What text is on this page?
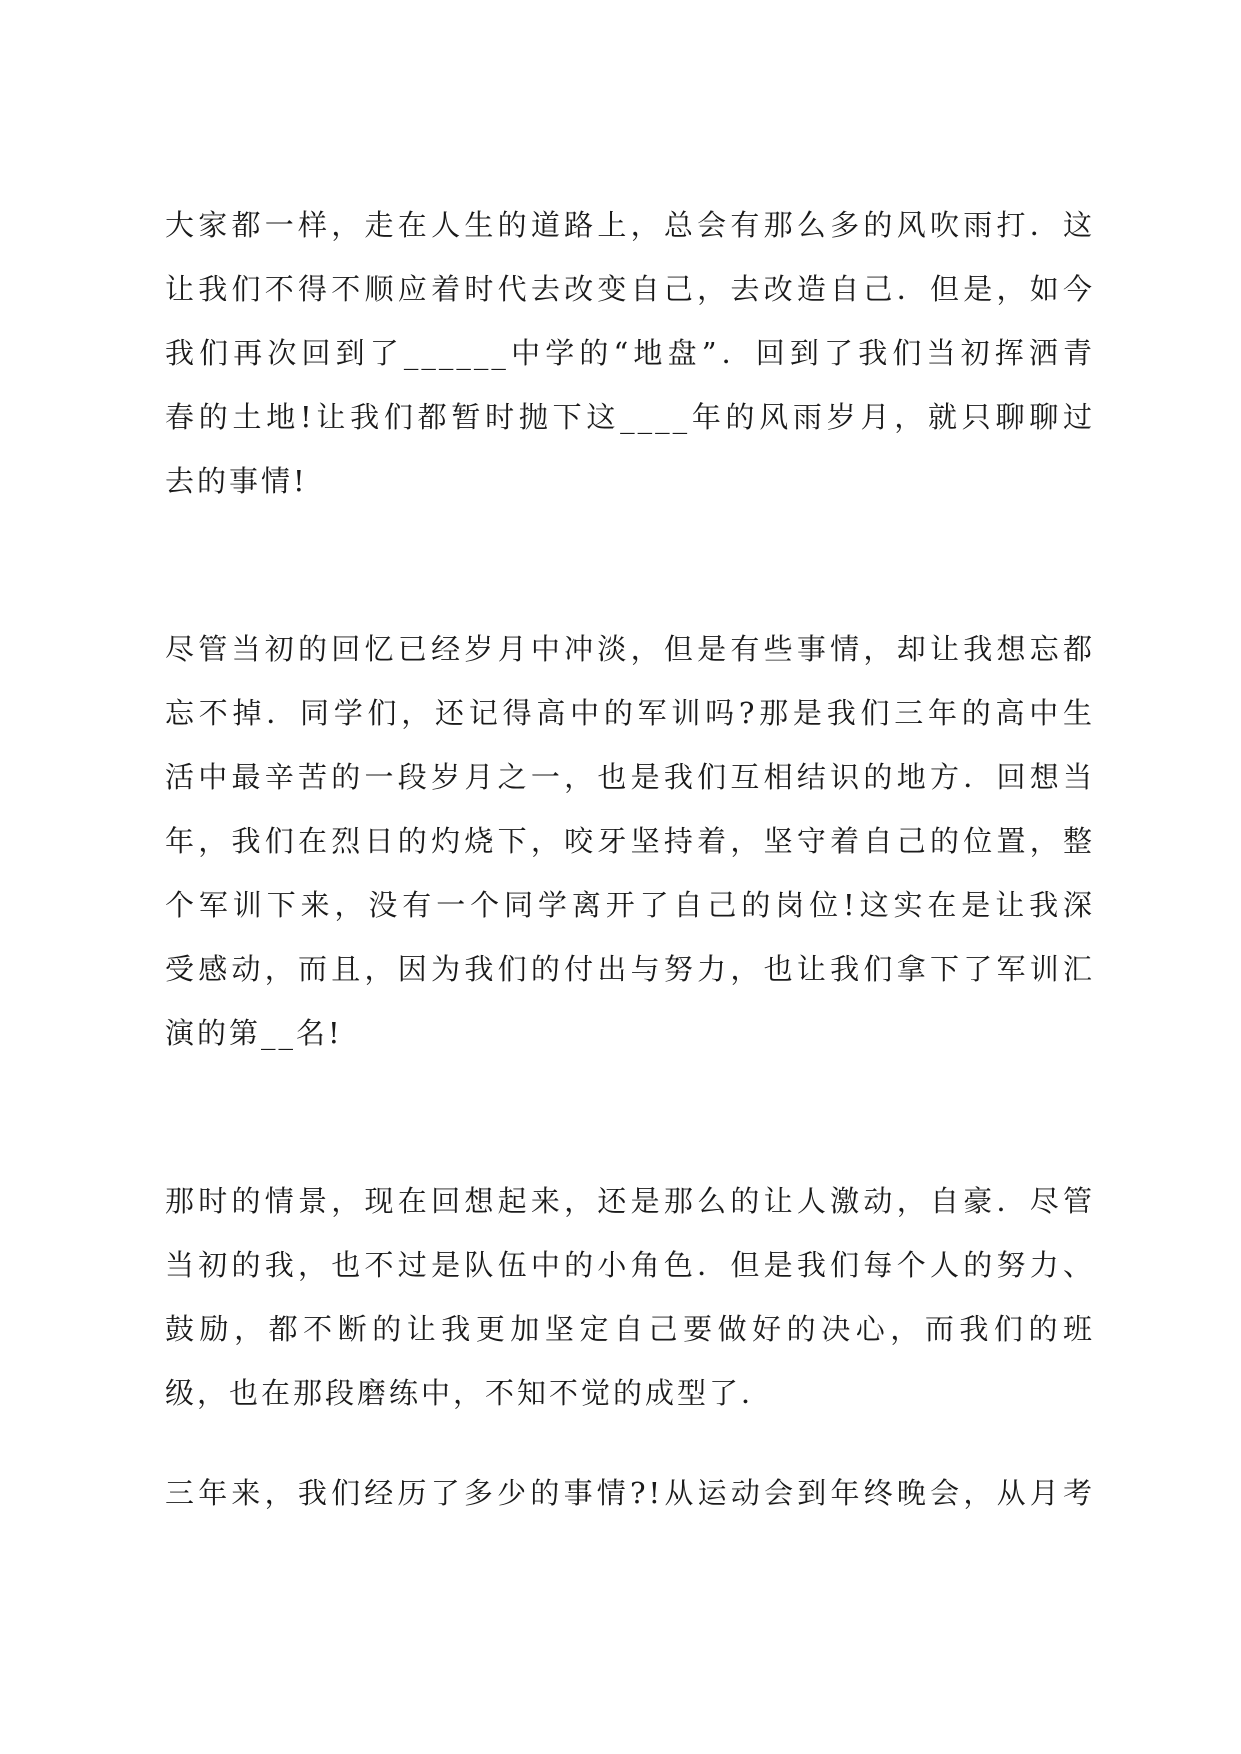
大家都一样，走在人生的道路上，总会有那么多的风吹雨打．这
让我们不得不顺应着时代去改变自己，去改造自己．但是，如今
我们再次回到了______中学的“地盘”．回到了我们当初挥洒青
春的土地!让我们都暂时抛下这____年的风雨岁月，就只聊聊过
去的事情!
尽管当初的回忆已经岁月中冲淡，但是有些事情，却让我想忘都
忘不掉．同学们，还记得高中的军训吗?那是我们三年的高中生
活中最辛苦的一段岁月之一，也是我们互相结识的地方．回想当
年，我们在烈日的灼烧下，咬牙坚持着，坚守着自己的位置，整
个军训下来，没有一个同学离开了自己的岗位!这实在是让我深
受感动，而且，因为我们的付出与努力，也让我们拿下了军训汇
演的第__名!
那时的情景，现在回想起来，还是那么的让人激动，自豪．尽管
当初的我，也不过是队伍中的小角色．但是我们每个人的努力、
鼓励，都不断的让我更加坚定自己要做好的决心，而我们的班
级，也在那段磨练中，不知不觉的成型了．
三年来，我们经历了多少的事情?!从运动会到年终晚会，从月考
